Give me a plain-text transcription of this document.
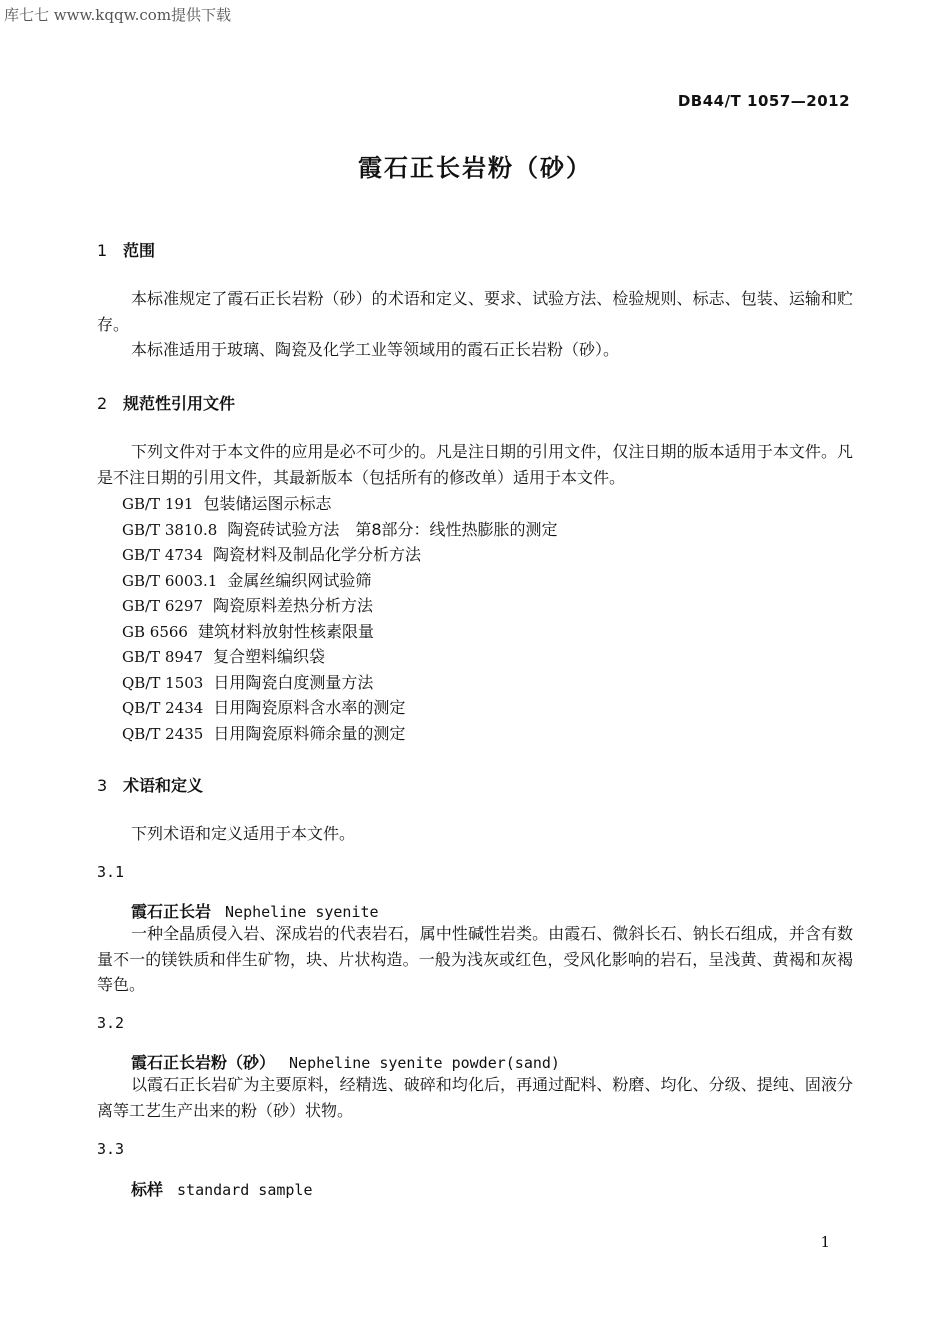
库七七 www.kqqw.com提供下载
DB44/T 1057—2012
霞石正长岩粉（砂）
1 范围
本标准规定了霞石正长岩粉（砂）的术语和定义、要求、试验方法、检验规则、标志、包装、运输和贮存。
本标准适用于玻璃、陶瓷及化学工业等领域用的霞石正长岩粉（砂）。
2 规范性引用文件
下列文件对于本文件的应用是必不可少的。凡是注日期的引用文件，仅注日期的版本适用于本文件。凡是不注日期的引用文件，其最新版本（包括所有的修改单）适用于本文件。
GB/T 191 包装储运图示标志
GB/T 3810.8 陶瓷砖试验方法　第8部分：线性热膨胀的测定
GB/T 4734 陶瓷材料及制品化学分析方法
GB/T 6003.1 金属丝编织网试验筛
GB/T 6297 陶瓷原料差热分析方法
GB 6566 建筑材料放射性核素限量
GB/T 8947 复合塑料编织袋
QB/T 1503 日用陶瓷白度测量方法
QB/T 2434 日用陶瓷原料含水率的测定
QB/T 2435 日用陶瓷原料筛余量的测定
3 术语和定义
下列术语和定义适用于本文件。
3.1
霞石正长岩 Nepheline syenite
一种全晶质侵入岩、深成岩的代表岩石，属中性碱性岩类。由霞石、微斜长石、钠长石组成，并含有数量不一的镁铁质和伴生矿物，块、片状构造。一般为浅灰或红色，受风化影响的岩石，呈浅黄、黄褐和灰褐等色。
3.2
霞石正长岩粉（砂） Nepheline syenite powder(sand)
以霞石正长岩矿为主要原料，经精选、破碎和均化后，再通过配料、粉磨、均化、分级、提纯、固液分离等工艺生产出来的粉（砂）状物。
3.3
标样 standard sample
1
